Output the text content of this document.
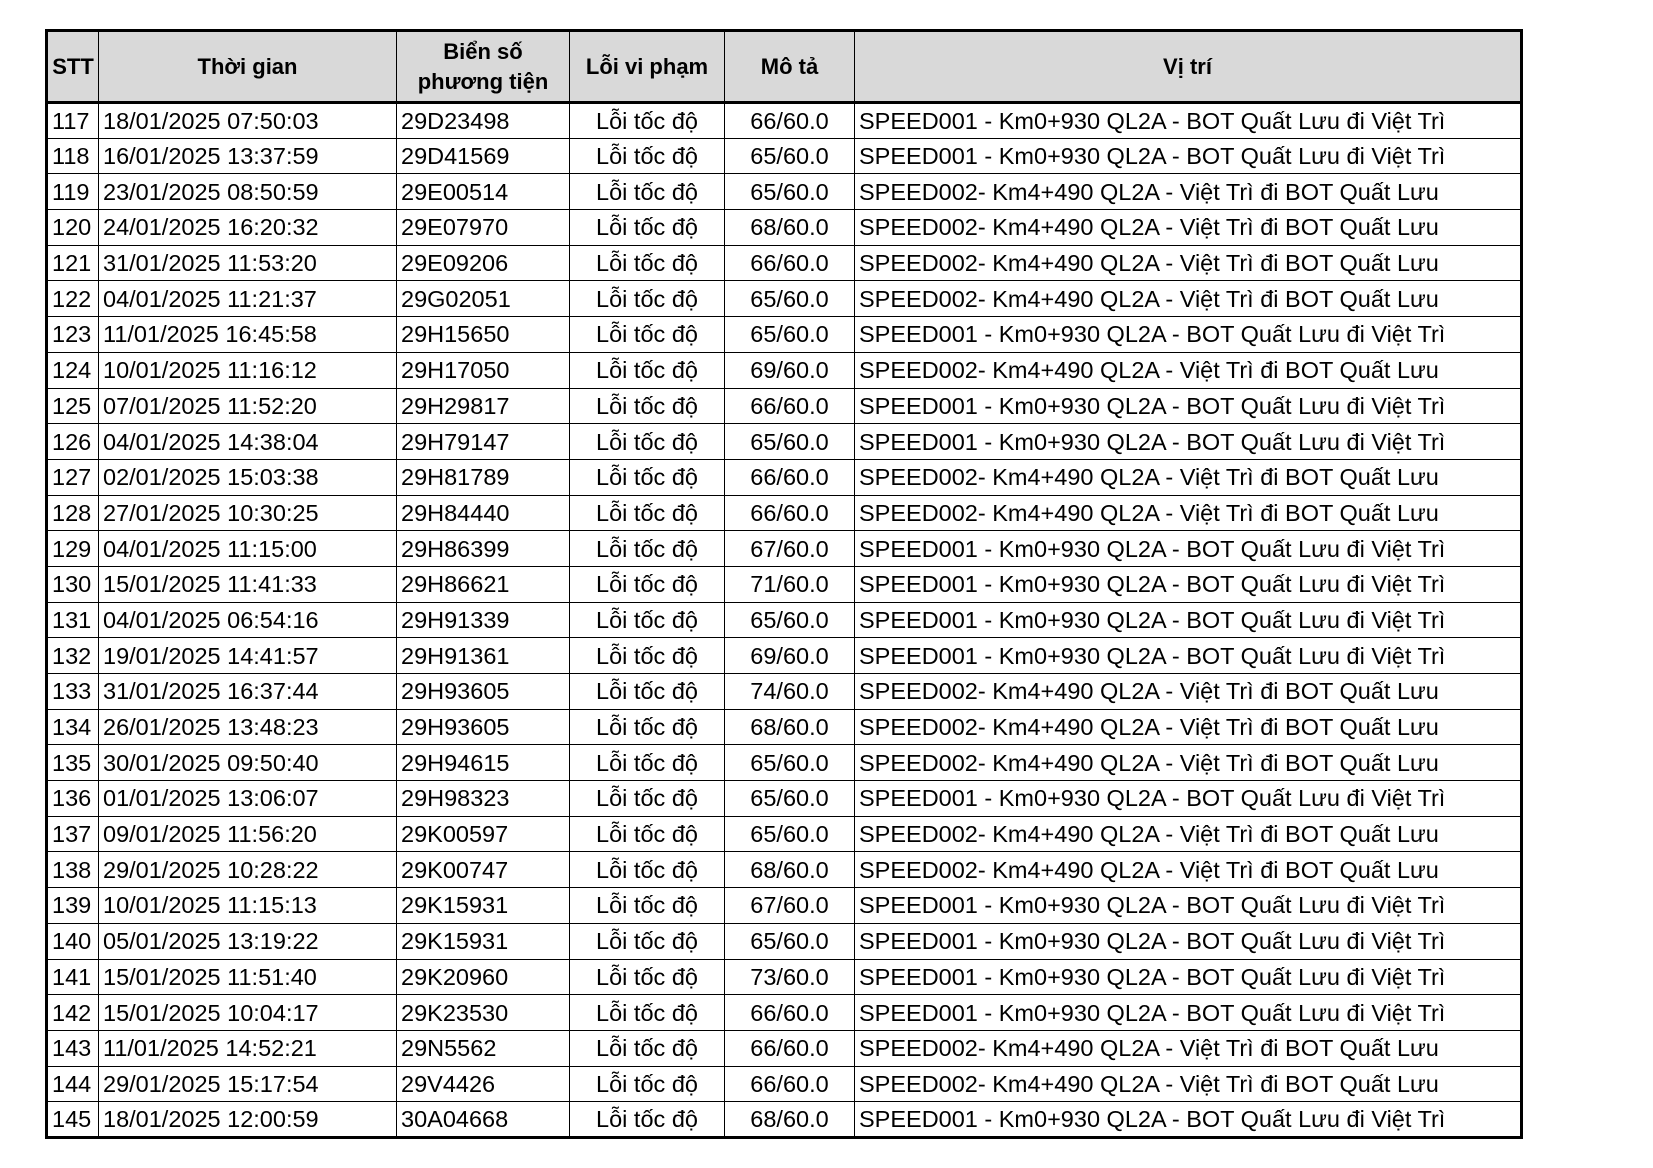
STT	Thời gian	Biển số phương tiện	Lỗi vi phạm	Mô tả	Vị trí
117	18/01/2025 07:50:03	29D23498	Lỗi tốc độ	66/60.0	SPEED001 - Km0+930 QL2A - BOT Quất Lưu đi Việt Trì
118	16/01/2025 13:37:59	29D41569	Lỗi tốc độ	65/60.0	SPEED001 - Km0+930 QL2A - BOT Quất Lưu đi Việt Trì
119	23/01/2025 08:50:59	29E00514	Lỗi tốc độ	65/60.0	SPEED002- Km4+490 QL2A - Việt Trì đi BOT Quất Lưu
120	24/01/2025 16:20:32	29E07970	Lỗi tốc độ	68/60.0	SPEED002- Km4+490 QL2A - Việt Trì đi BOT Quất Lưu
121	31/01/2025 11:53:20	29E09206	Lỗi tốc độ	66/60.0	SPEED002- Km4+490 QL2A - Việt Trì đi BOT Quất Lưu
122	04/01/2025 11:21:37	29G02051	Lỗi tốc độ	65/60.0	SPEED002- Km4+490 QL2A - Việt Trì đi BOT Quất Lưu
123	11/01/2025 16:45:58	29H15650	Lỗi tốc độ	65/60.0	SPEED001 - Km0+930 QL2A - BOT Quất Lưu đi Việt Trì
124	10/01/2025 11:16:12	29H17050	Lỗi tốc độ	69/60.0	SPEED002- Km4+490 QL2A - Việt Trì đi BOT Quất Lưu
125	07/01/2025 11:52:20	29H29817	Lỗi tốc độ	66/60.0	SPEED001 - Km0+930 QL2A - BOT Quất Lưu đi Việt Trì
126	04/01/2025 14:38:04	29H79147	Lỗi tốc độ	65/60.0	SPEED001 - Km0+930 QL2A - BOT Quất Lưu đi Việt Trì
127	02/01/2025 15:03:38	29H81789	Lỗi tốc độ	66/60.0	SPEED002- Km4+490 QL2A - Việt Trì đi BOT Quất Lưu
128	27/01/2025 10:30:25	29H84440	Lỗi tốc độ	66/60.0	SPEED002- Km4+490 QL2A - Việt Trì đi BOT Quất Lưu
129	04/01/2025 11:15:00	29H86399	Lỗi tốc độ	67/60.0	SPEED001 - Km0+930 QL2A - BOT Quất Lưu đi Việt Trì
130	15/01/2025 11:41:33	29H86621	Lỗi tốc độ	71/60.0	SPEED001 - Km0+930 QL2A - BOT Quất Lưu đi Việt Trì
131	04/01/2025 06:54:16	29H91339	Lỗi tốc độ	65/60.0	SPEED001 - Km0+930 QL2A - BOT Quất Lưu đi Việt Trì
132	19/01/2025 14:41:57	29H91361	Lỗi tốc độ	69/60.0	SPEED001 - Km0+930 QL2A - BOT Quất Lưu đi Việt Trì
133	31/01/2025 16:37:44	29H93605	Lỗi tốc độ	74/60.0	SPEED002- Km4+490 QL2A - Việt Trì đi BOT Quất Lưu
134	26/01/2025 13:48:23	29H93605	Lỗi tốc độ	68/60.0	SPEED002- Km4+490 QL2A - Việt Trì đi BOT Quất Lưu
135	30/01/2025 09:50:40	29H94615	Lỗi tốc độ	65/60.0	SPEED002- Km4+490 QL2A - Việt Trì đi BOT Quất Lưu
136	01/01/2025 13:06:07	29H98323	Lỗi tốc độ	65/60.0	SPEED001 - Km0+930 QL2A - BOT Quất Lưu đi Việt Trì
137	09/01/2025 11:56:20	29K00597	Lỗi tốc độ	65/60.0	SPEED002- Km4+490 QL2A - Việt Trì đi BOT Quất Lưu
138	29/01/2025 10:28:22	29K00747	Lỗi tốc độ	68/60.0	SPEED002- Km4+490 QL2A - Việt Trì đi BOT Quất Lưu
139	10/01/2025 11:15:13	29K15931	Lỗi tốc độ	67/60.0	SPEED001 - Km0+930 QL2A - BOT Quất Lưu đi Việt Trì
140	05/01/2025 13:19:22	29K15931	Lỗi tốc độ	65/60.0	SPEED001 - Km0+930 QL2A - BOT Quất Lưu đi Việt Trì
141	15/01/2025 11:51:40	29K20960	Lỗi tốc độ	73/60.0	SPEED001 - Km0+930 QL2A - BOT Quất Lưu đi Việt Trì
142	15/01/2025 10:04:17	29K23530	Lỗi tốc độ	66/60.0	SPEED001 - Km0+930 QL2A - BOT Quất Lưu đi Việt Trì
143	11/01/2025 14:52:21	29N5562	Lỗi tốc độ	66/60.0	SPEED002- Km4+490 QL2A - Việt Trì đi BOT Quất Lưu
144	29/01/2025 15:17:54	29V4426	Lỗi tốc độ	66/60.0	SPEED002- Km4+490 QL2A - Việt Trì đi BOT Quất Lưu
145	18/01/2025 12:00:59	30A04668	Lỗi tốc độ	68/60.0	SPEED001 - Km0+930 QL2A - BOT Quất Lưu đi Việt Trì
